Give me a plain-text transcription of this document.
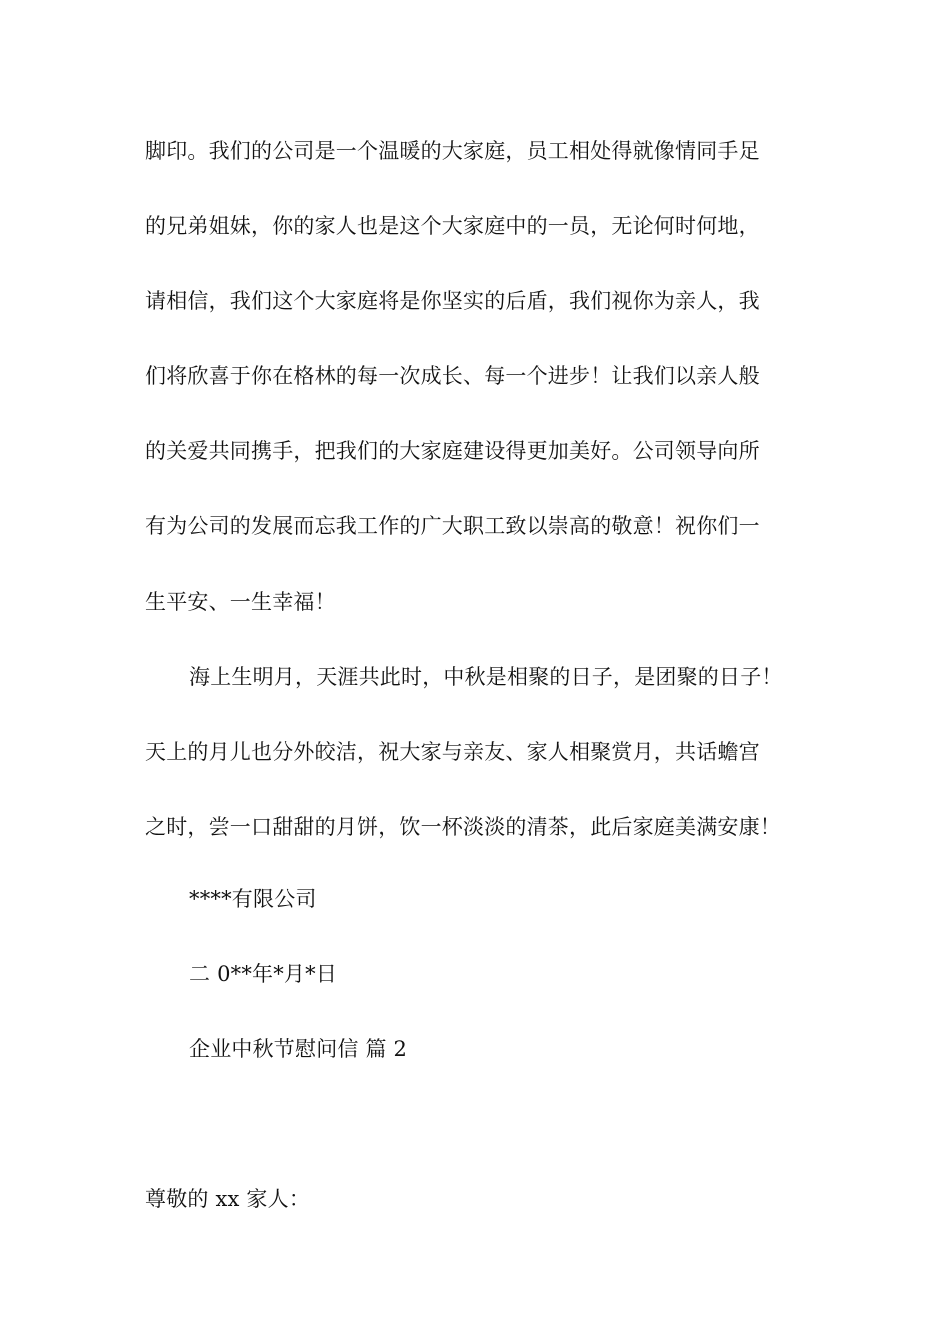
脚印。我们的公司是一个温暖的大家庭，员工相处得就像情同手足
的兄弟姐妹，你的家人也是这个大家庭中的一员，无论何时何地，
请相信，我们这个大家庭将是你坚实的后盾，我们视你为亲人，我
们将欣喜于你在格林的每一次成长、每一个进步！让我们以亲人般
的关爱共同携手，把我们的大家庭建设得更加美好。公司领导向所
有为公司的发展而忘我工作的广大职工致以崇高的敬意！祝你们一
生平安、一生幸福！
海上生明月，天涯共此时，中秋是相聚的日子，是团聚的日子！
天上的月儿也分外皎洁，祝大家与亲友、家人相聚赏月，共话蟾宫
之时，尝一口甜甜的月饼，饮一杯淡淡的清茶，此后家庭美满安康！
****有限公司
二 0**年*月*日
企业中秋节慰问信 篇 2
尊敬的 xx 家人：
